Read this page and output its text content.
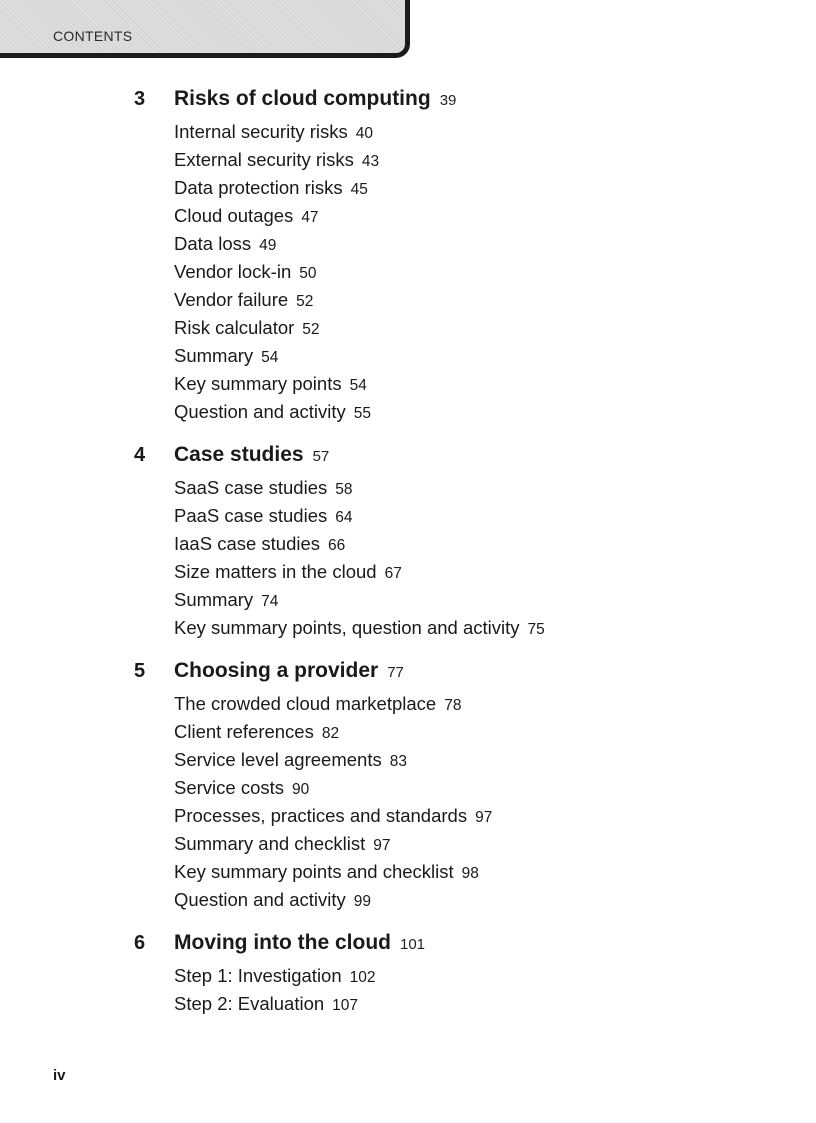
CONTENTS
3 Risks of cloud computing 39
Internal security risks 40
External security risks 43
Data protection risks 45
Cloud outages 47
Data loss 49
Vendor lock-in 50
Vendor failure 52
Risk calculator 52
Summary 54
Key summary points 54
Question and activity 55
4 Case studies 57
SaaS case studies 58
PaaS case studies 64
IaaS case studies 66
Size matters in the cloud 67
Summary 74
Key summary points, question and activity 75
5 Choosing a provider 77
The crowded cloud marketplace 78
Client references 82
Service level agreements 83
Service costs 90
Processes, practices and standards 97
Summary and checklist 97
Key summary points and checklist 98
Question and activity 99
6 Moving into the cloud 101
Step 1: Investigation 102
Step 2: Evaluation 107
iv
